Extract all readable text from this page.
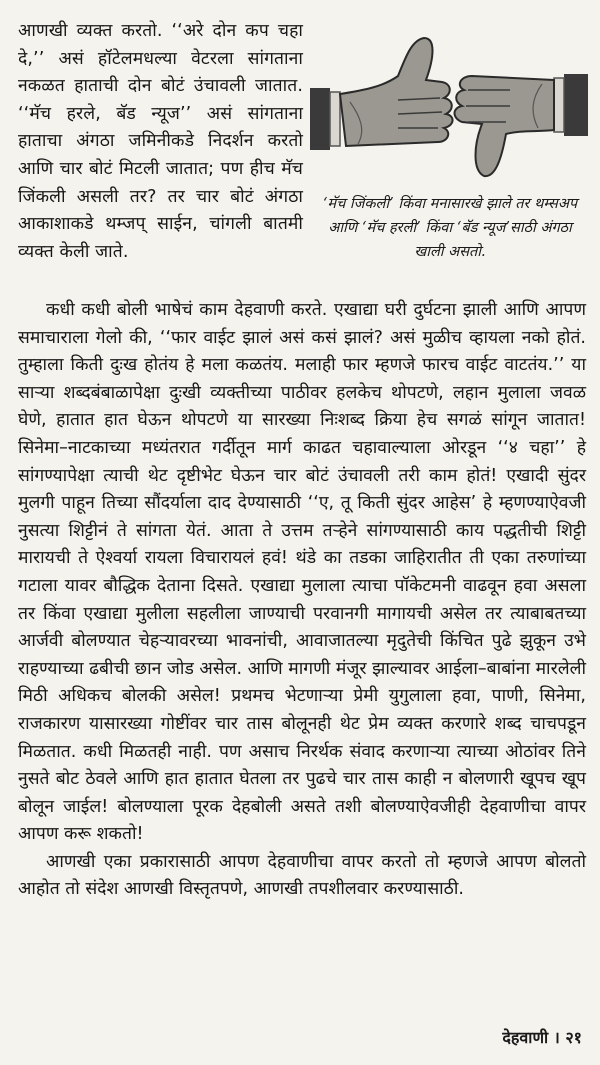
आणखी व्यक्त करतो. ‘‘अरे दोन कप चहा दे,’’ असं हॉटेलमधल्या वेटरला सांगताना नकळत हाताची दोन बोटं उंचावली जातात. ‘‘मॅच हरले, बॅड न्यूज’’ असं सांगताना हाताचा अंगठा जमिनीकडे निदर्शन करतो आणि चार बोटं मिटली जातात; पण हीच मॅच जिंकली असली तर? तर चार बोटं अंगठा आकाशाकडे थम्जप् साईन, चांगली बातमी व्यक्त केली जाते.

‘मॅच जिंकली’ किंवा मनासारखे झाले तर थम्सअप आणि ‘मॅच हरली’ किंवा ‘बॅड न्यूज’साठी अंगठा खाली असतो.

कधी कधी बोली भाषेचं काम देहवाणी करते. एखाद्या घरी दुर्घटना झाली आणि आपण समाचाराला गेलो की, ‘‘फार वाईट झालं असं कसं झालं? असं मुळीच व्हायला नको होतं. तुम्हाला किती दुःख होतंय हे मला कळतंय. मलाही फार म्हणजे फारच वाईट वाटतंय.’’ या साऱ्या शब्दबंबाळापेक्षा दुःखी व्यक्तीच्या पाठीवर हलकेच थोपटणे, लहान मुलाला जवळ घेणे, हातात हात घेऊन थोपटणे या सारख्या निःशब्द क्रिया हेच सगळं सांगून जातात! सिनेमा–नाटकाच्या मध्यंतरात गर्दीतून मार्ग काढत चहावाल्याला ओरडून ‘‘४ चहा’’ हे सांगण्यापेक्षा त्याची थेट दृष्टीभेट घेऊन चार बोटं उंचावली तरी काम होतं! एखादी सुंदर मुलगी पाहून तिच्या सौंदर्याला दाद देण्यासाठी ‘‘ए, तू किती सुंदर आहेस’ हे म्हणण्याऐवजी नुसत्या शिट्टीनं ते सांगता येतं. आता ते उत्तम तऱ्हेने सांगण्यासाठी काय पद्धतीची शिट्टी मारायची ते ऐश्वर्या रायला विचारायलं हवं! थंडे का तडका जाहिरातीत ती एका तरुणांच्या गटाला यावर बौद्धिक देताना दिसते. एखाद्या मुलाला त्याचा पॉकेटमनी वाढवून हवा असला तर किंवा एखाद्या मुलीला सहलीला जाण्याची परवानगी मागायची असेल तर त्याबाबतच्या आर्जवी बोलण्यात चेहऱ्यावरच्या भावनांची, आवाजातल्या मृदुतेची किंचित पुढे झुकून उभे राहण्याच्या ढबीची छान जोड असेल. आणि मागणी मंजूर झाल्यावर आईला–बाबांना मारलेली मिठी अधिकच बोलकी असेल! प्रथमच भेटणाऱ्या प्रेमी युगुलाला हवा, पाणी, सिनेमा, राजकारण यासारख्या गोष्टींवर चार तास बोलूनही थेट प्रेम व्यक्त करणारे शब्द चाचपडून मिळतात. कधी मिळतही नाही. पण असाच निरर्थक संवाद करणाऱ्या त्याच्या ओठांवर तिने नुसते बोट ठेवले आणि हात हातात घेतला तर पुढचे चार तास काही न बोलणारी खूपच खूप बोलून जाईल! बोलण्याला पूरक देहबोली असते तशी बोलण्याऐवजीही देहवाणीचा वापर आपण करू शकतो!

आणखी एका प्रकारासाठी आपण देहवाणीचा वापर करतो तो म्हणजे आपण बोलतो आहोत तो संदेश आणखी विस्तृतपणे, आणखी तपशीलवार करण्यासाठी.

देहवाणी । २१
